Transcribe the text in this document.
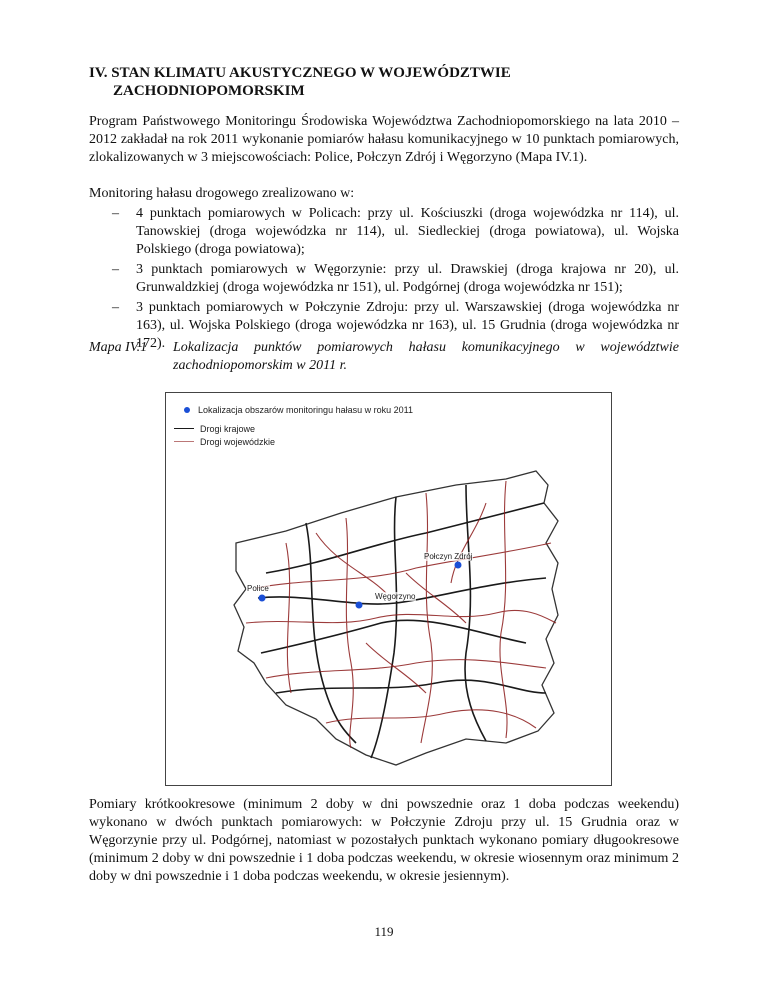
IV. STAN KLIMATU AKUSTYCZNEGO W WOJEWÓDZTWIE
ZACHODNIOPOMORSKIM

Program Państwowego Monitoringu Środowiska Województwa Zachodniopomorskiego na lata 2010 – 2012 zakładał na rok 2011 wykonanie pomiarów hałasu komunikacyjnego w 10 punktach pomiarowych, zlokalizowanych w 3 miejscowościach: Police, Połczyn Zdrój i Węgorzyno (Mapa IV.1).

Monitoring hałasu drogowego zrealizowano w:

– 4 punktach pomiarowych w Policach: przy ul. Kościuszki (droga wojewódzka nr 114), ul. Tanowskiej (droga wojewódzka nr 114), ul. Siedleckiej (droga powiatowa), ul. Wojska Polskiego (droga powiatowa);
– 3 punktach pomiarowych w Węgorzynie: przy ul. Drawskiej (droga krajowa nr 20), ul. Grunwaldzkiej (droga wojewódzka nr 151), ul. Podgórnej (droga wojewódzka nr 151);
– 3 punktach pomiarowych w Połczynie Zdroju: przy ul. Warszawskiej (droga wojewódzka nr 163), ul. Wojska Polskiego (droga wojewódzka nr 163), ul. 15 Grudnia (droga wojewódzka nr 172).
Mapa IV.1	Lokalizacja punktów pomiarowych hałasu komunikacyjnego w województwie zachodniopomorskim w 2011 r.
Lokalizacja obszarów monitoringu hałasu w roku 2011
Drogi krajowe
Drogi wojewódzkie
Połczyn Zdrój
Police
Węgorzyno

Pomiary krótkookresowe (minimum 2 doby w dni powszednie oraz 1 doba podczas weekendu) wykonano w dwóch punktach pomiarowych: w Połczynie Zdroju przy ul. 15 Grudnia oraz w Węgorzynie przy ul. Podgórnej, natomiast w pozostałych punktach wykonano pomiary długookresowe (minimum 2 doby w dni powszednie i 1 doba podczas weekendu, w okresie wiosennym oraz minimum 2 doby w dni powszednie i 1 doba podczas weekendu, w okresie jesiennym).

119
